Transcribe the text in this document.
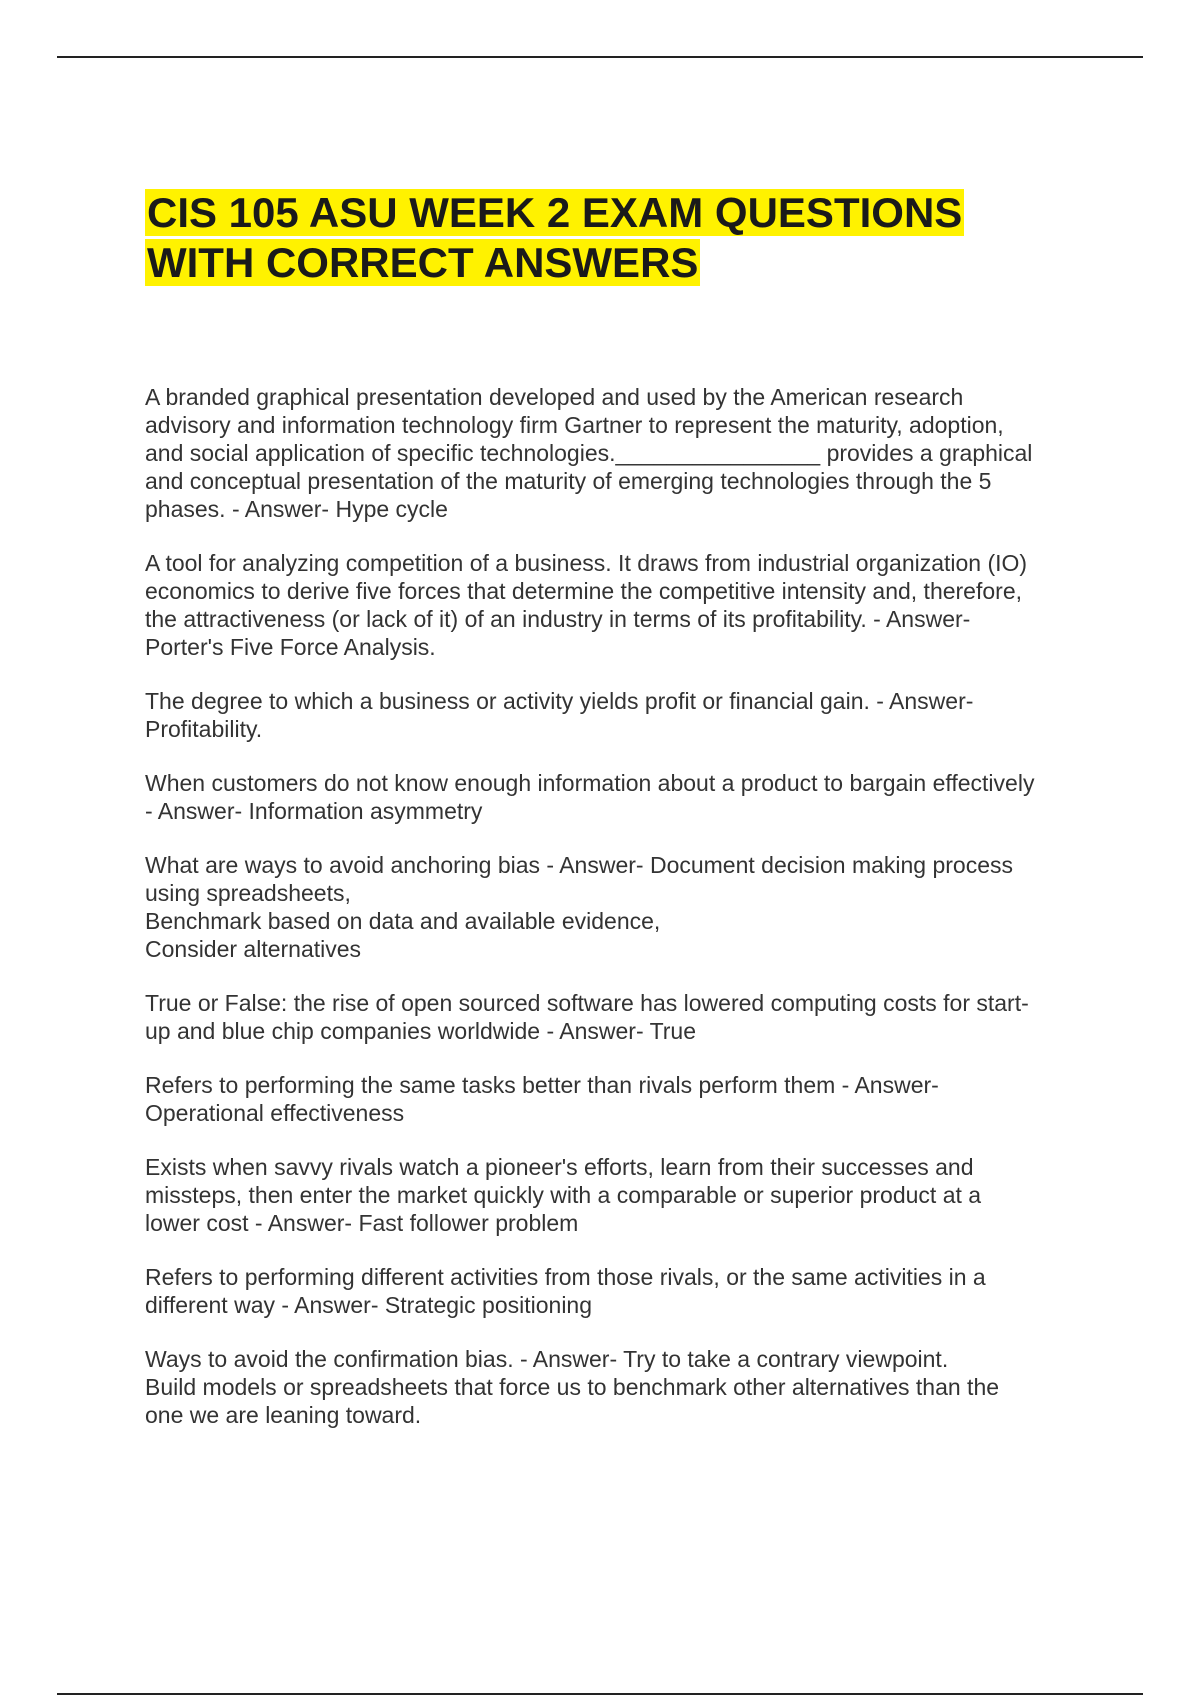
CIS 105 ASU WEEK 2 EXAM QUESTIONS
WITH CORRECT ANSWERS

A branded graphical presentation developed and used by the American research
advisory and information technology firm Gartner to represent the maturity, adoption,
and social application of specific technologies.________________ provides a graphical
and conceptual presentation of the maturity of emerging technologies through the 5
phases. - Answer- Hype cycle

A tool for analyzing competition of a business. It draws from industrial organization (IO)
economics to derive five forces that determine the competitive intensity and, therefore,
the attractiveness (or lack of it) of an industry in terms of its profitability. - Answer-
Porter's Five Force Analysis.

The degree to which a business or activity yields profit or financial gain. - Answer-
Profitability.

When customers do not know enough information about a product to bargain effectively
- Answer- Information asymmetry

What are ways to avoid anchoring bias - Answer- Document decision making process
using spreadsheets,
Benchmark based on data and available evidence,
Consider alternatives

True or False: the rise of open sourced software has lowered computing costs for start-
up and blue chip companies worldwide - Answer- True

Refers to performing the same tasks better than rivals perform them - Answer-
Operational effectiveness

Exists when savvy rivals watch a pioneer's efforts, learn from their successes and
missteps, then enter the market quickly with a comparable or superior product at a
lower cost - Answer- Fast follower problem

Refers to performing different activities from those rivals, or the same activities in a
different way - Answer- Strategic positioning

Ways to avoid the confirmation bias. - Answer- Try to take a contrary viewpoint.
Build models or spreadsheets that force us to benchmark other alternatives than the
one we are leaning toward.
